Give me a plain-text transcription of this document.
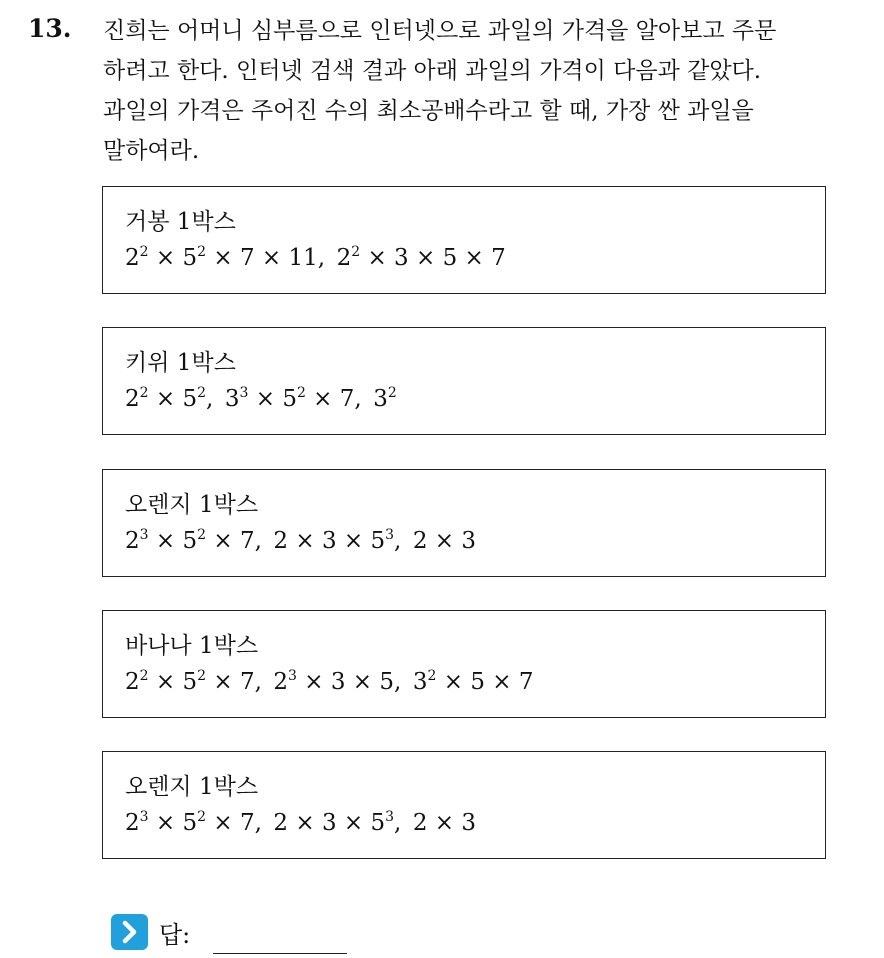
13. 진희는 어머니 심부름으로 인터넷으로 과일의 가격을 알아보고 주문
하려고 한다. 인터넷 검색 결과 아래 과일의 가격이 다음과 같았다.
과일의 가격은 주어진 수의 최소공배수라고 할 때, 가장 싼 과일을
말하여라.
거봉 1박스
$2^2 \times 5^2 \times 7 \times 11$, $2^2 \times 3 \times 5 \times 7$
키위 1박스
$2^2 \times 5^2$, $3^3 \times 5^2 \times 7$, $3^2$
오렌지 1박스
$2^3 \times 5^2 \times 7$, $2 \times 3 \times 5^3$, 2 × 3
바나나 1박스
$2^2 \times 5^2 \times 7$, $2^3 \times 3 \times 5$, $3^2 \times 5 \times 7$
오렌지 1박스
$2^3 \times 5^2 \times 7$, $2 \times 3 \times 5^3$, 2 × 3
답:
